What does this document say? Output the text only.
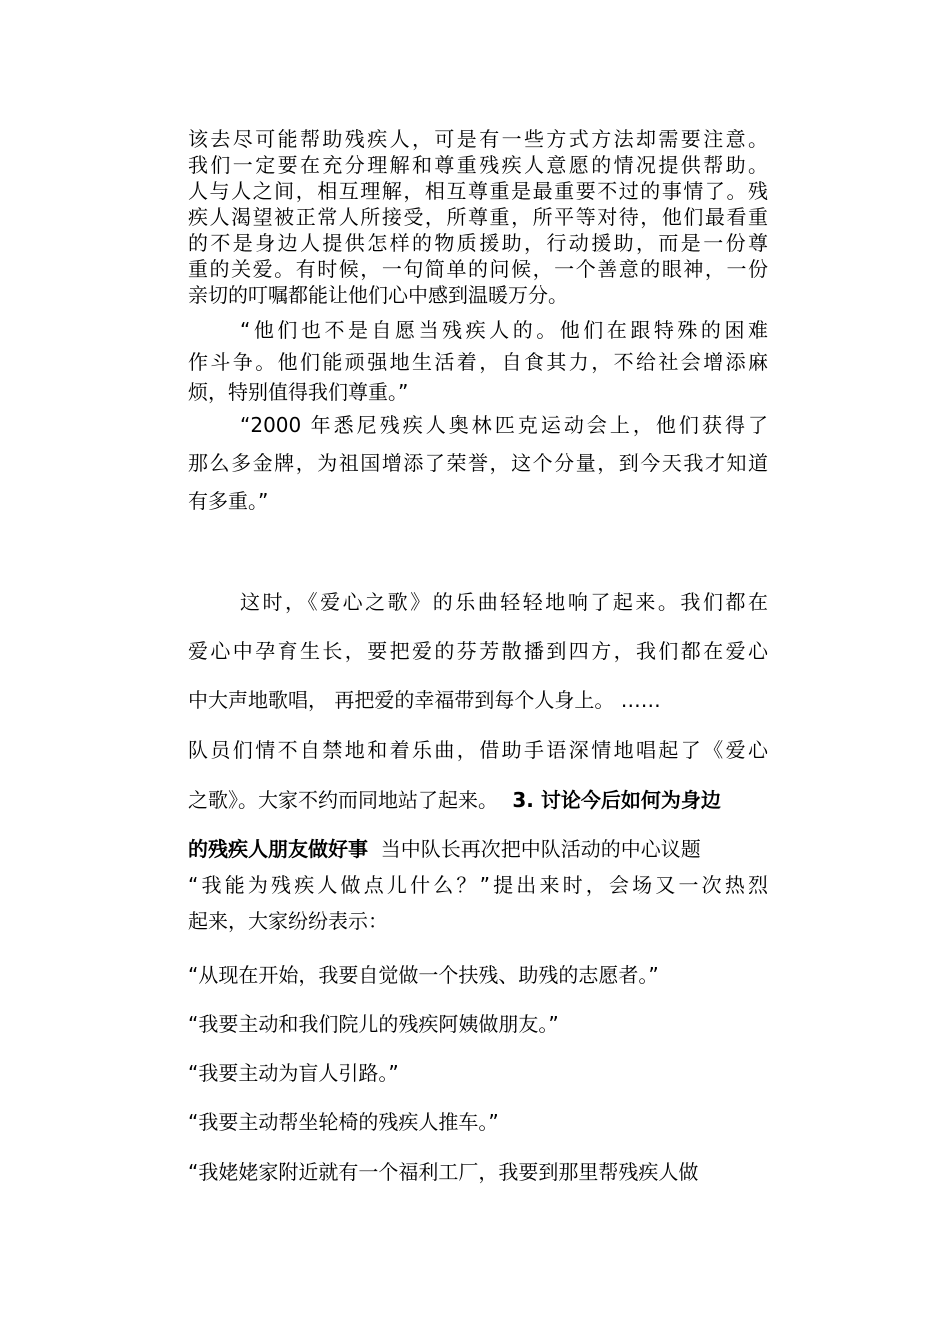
该去尽可能帮助残疾人，可是有一些方式方法却需要注意。
我们一定要在充分理解和尊重残疾人意愿的情况提供帮助。
人与人之间，相互理解，相互尊重是最重要不过的事情了。残
疾人渴望被正常人所接受，所尊重，所平等对待，他们最看重
的不是身边人提供怎样的物质援助，行动援助，而是一份尊
重的关爱。有时候，一句简单的问候，一个善意的眼神，一份
亲切的叮嘱都能让他们心中感到温暖万分。
“他们也不是自愿当残疾人的。他们在跟特殊的困难
作斗争。他们能顽强地生活着，自食其力，不给社会增添麻
烦，特别值得我们尊重。”
“2000 年悉尼残疾人奥林匹克运动会上，他们获得了
那么多金牌，为祖国增添了荣誉，这个分量，到今天我才知道
有多重。”
这时，《爱心之歌》的乐曲轻轻地响了起来。我们都在
爱心中孕育生长，要把爱的芬芳散播到四方，我们都在爱心
中大声地歌唱， 再把爱的幸福带到每个人身上。 ……
队员们情不自禁地和着乐曲，借助手语深情地唱起了《爱心
之歌》。大家不约而同地站了起来。 3. 讨论今后如何为身边
的残疾人朋友做好事  当中队长再次把中队活动的中心议题
“我能为残疾人做点儿什么？”提出来时，会场又一次热烈
起来，大家纷纷表示：
“从现在开始，我要自觉做一个扶残、助残的志愿者。”
“我要主动和我们院儿的残疾阿姨做朋友。”
“我要主动为盲人引路。”
“我要主动帮坐轮椅的残疾人推车。”
“我姥姥家附近就有一个福利工厂，我要到那里帮残疾人做
